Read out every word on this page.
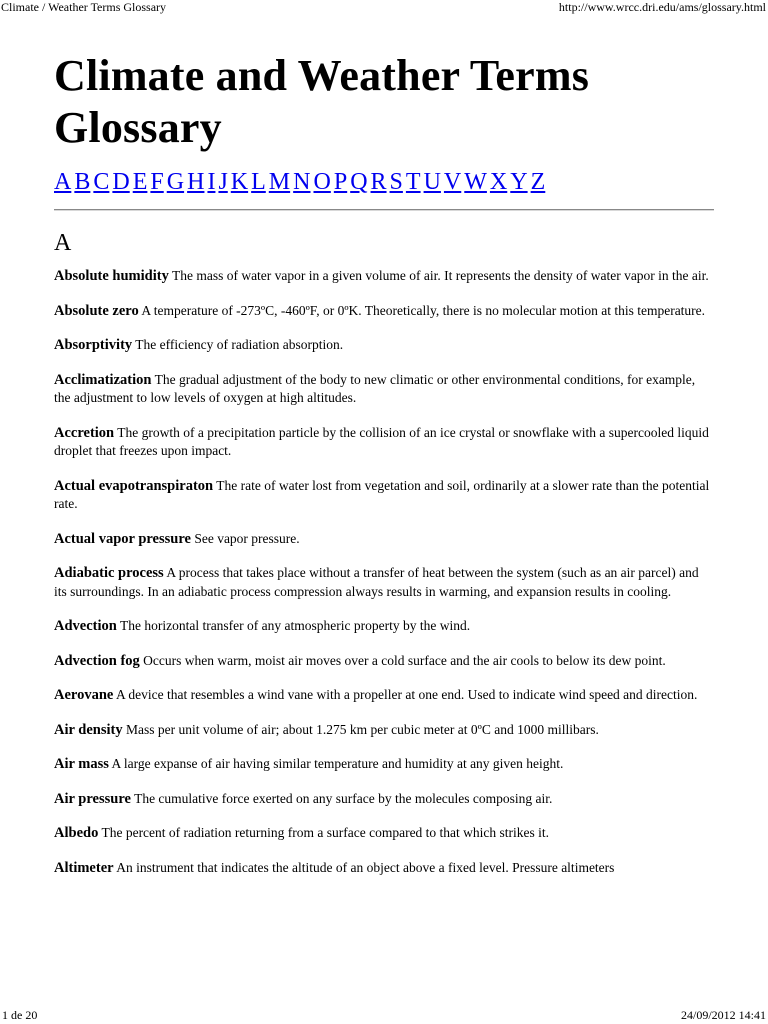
Climate / Weather Terms Glossary	http://www.wrcc.dri.edu/ams/glossary.html
Climate and Weather Terms Glossary
A B C D E F G H I J K L M N O P Q R S T U V W X Y Z
A

Absolute humidity The mass of water vapor in a given volume of air. It represents the density of water vapor in the air.

Absolute zero A temperature of -273ºC, -460ºF, or 0ºK. Theoretically, there is no molecular motion at this temperature.

Absorptivity The efficiency of radiation absorption.

Acclimatization The gradual adjustment of the body to new climatic or other environmental conditions, for example, the adjustment to low levels of oxygen at high altitudes.

Accretion The growth of a precipitation particle by the collision of an ice crystal or snowflake with a supercooled liquid droplet that freezes upon impact.

Actual evapotranspiraton The rate of water lost from vegetation and soil, ordinarily at a slower rate than the potential rate.

Actual vapor pressure See vapor pressure.

Adiabatic process A process that takes place without a transfer of heat between the system (such as an air parcel) and its surroundings. In an adiabatic process compression always results in warming, and expansion results in cooling.

Advection The horizontal transfer of any atmospheric property by the wind.

Advection fog Occurs when warm, moist air moves over a cold surface and the air cools to below its dew point.

Aerovane A device that resembles a wind vane with a propeller at one end. Used to indicate wind speed and direction.

Air density Mass per unit volume of air; about 1.275 km per cubic meter at 0ºC and 1000 millibars.

Air mass A large expanse of air having similar temperature and humidity at any given height.

Air pressure The cumulative force exerted on any surface by the molecules composing air.

Albedo The percent of radiation returning from a surface compared to that which strikes it.

Altimeter An instrument that indicates the altitude of an object above a fixed level. Pressure altimeters

1 de 20	24/09/2012 14:41
